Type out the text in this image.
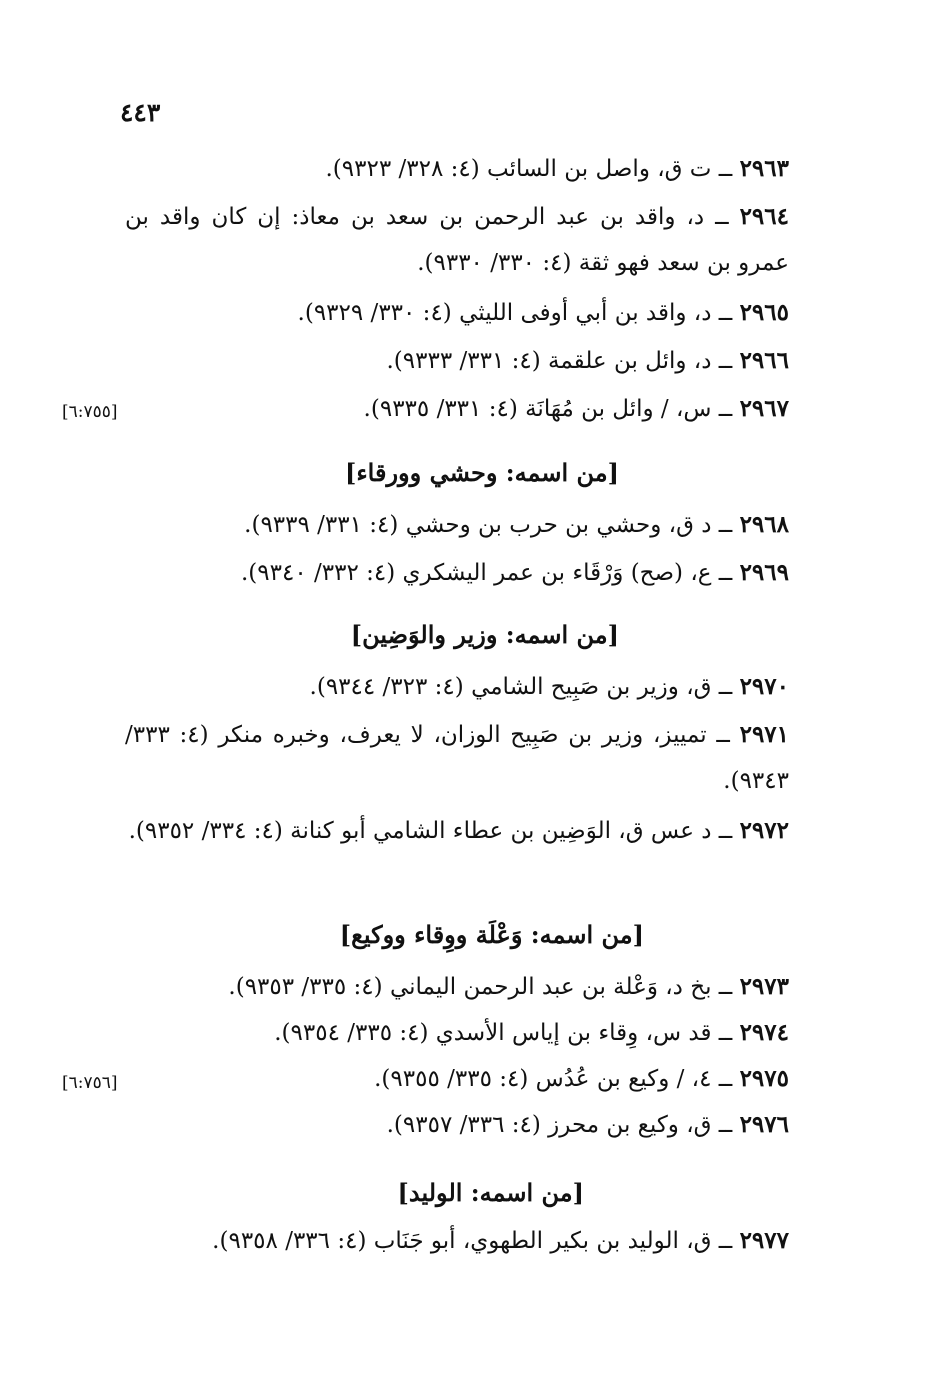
٤٤٣
٢٩٦٣ ــ ت ق، واصل بن السائب (٤: ٣٢٨/ ٩٣٢٣).
٢٩٦٤ ــ د، واقد بن عبد الرحمن بن سعد بن معاذ: إن كان واقد بن عمرو بن سعد فهو ثقة (٤: ٣٣٠/ ٩٣٣٠).
٢٩٦٥ ــ د، واقد بن أبي أوفى الليثي (٤: ٣٣٠/ ٩٣٢٩).
٢٩٦٦ ــ د، وائل بن علقمة (٤: ٣٣١/ ٩٣٣٣).
٢٩٦٧ ــ س، / وائل بن مُهَانَة (٤: ٣٣١/ ٩٣٣٥).
[٦:٧٥٥]
[من اسمه: وحشي وورقاء]
٢٩٦٨ ــ د ق، وحشي بن حرب بن وحشي (٤: ٣٣١/ ٩٣٣٩).
٢٩٦٩ ــ ع، (صح) وَرْقَاء بن عمر اليشكري (٤: ٣٣٢/ ٩٣٤٠).
[من اسمه: وزير والوَضِين]
٢٩٧٠ ــ ق، وزير بن صَبِيح الشامي (٤: ٣٢٣/ ٩٣٤٤).
٢٩٧١ ــ تمييز، وزير بن صَبِيح الوزان، لا يعرف، وخبره منكر (٤: ٣٣٣/ ٩٣٤٣).
٢٩٧٢ ــ د عس ق، الوَضِين بن عطاء الشامي أبو كنانة (٤: ٣٣٤/ ٩٣٥٢).
[من اسمه: وَعْلَة ووِقاء ووكيع]
٢٩٧٣ ــ بخ د، وَعْلة بن عبد الرحمن اليماني (٤: ٣٣٥/ ٩٣٥٣).
٢٩٧٤ ــ قد س، وِقاء بن إياس الأسدي (٤: ٣٣٥/ ٩٣٥٤).
٢٩٧٥ ــ ٤، / وكيع بن عُدُس (٤: ٣٣٥/ ٩٣٥٥).
[٦:٧٥٦]
٢٩٧٦ ــ ق، وكيع بن محرز (٤: ٣٣٦/ ٩٣٥٧).
[من اسمه: الوليد]
٢٩٧٧ ــ ق، الوليد بن بكير الطهوي، أبو جَنَاب (٤: ٣٣٦/ ٩٣٥٨).
